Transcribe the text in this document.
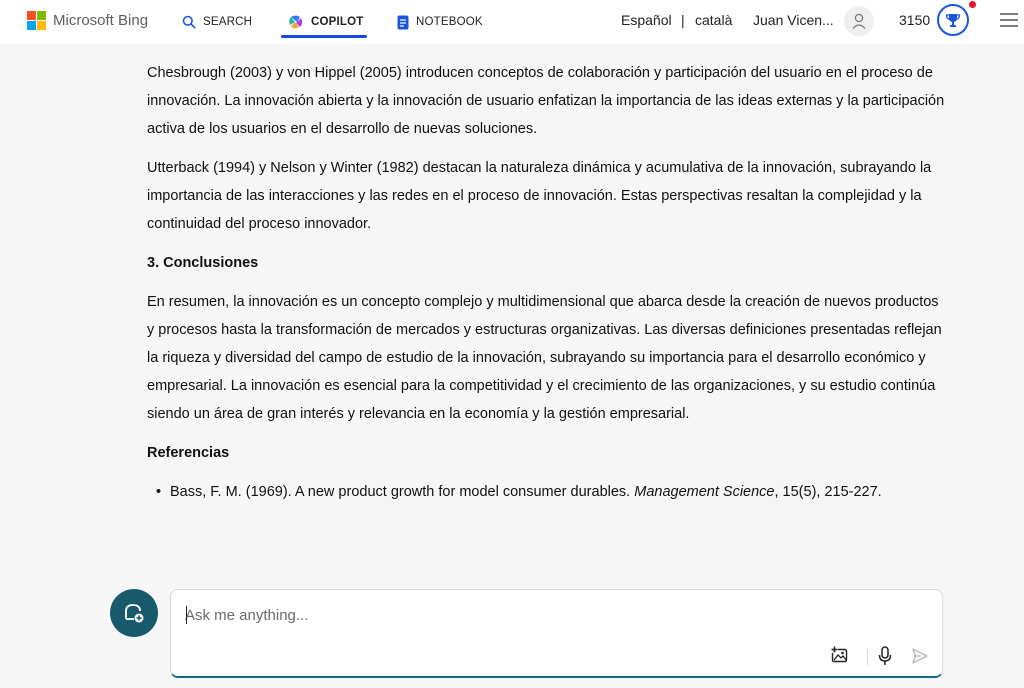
Microsoft Bing	SEARCH	COPILOT	NOTEBOOK	Español | català Juan Vicen...	3150

Chesbrough (2003) y von Hippel (2005) introducen conceptos de colaboración y participación del usuario en el proceso de innovación. La innovación abierta y la innovación de usuario enfatizan la importancia de las ideas externas y la participación activa de los usuarios en el desarrollo de nuevas soluciones.

Utterback (1994) y Nelson y Winter (1982) destacan la naturaleza dinámica y acumulativa de la innovación, subrayando la importancia de las interacciones y las redes en el proceso de innovación. Estas perspectivas resaltan la complejidad y la continuidad del proceso innovador.

3. Conclusiones

En resumen, la innovación es un concepto complejo y multidimensional que abarca desde la creación de nuevos productos y procesos hasta la transformación de mercados y estructuras organizativas. Las diversas definiciones presentadas reflejan la riqueza y diversidad del campo de estudio de la innovación, subrayando su importancia para el desarrollo económico y empresarial. La innovación es esencial para la competitividad y el crecimiento de las organizaciones, y su estudio continúa siendo un área de gran interés y relevancia en la economía y la gestión empresarial.

Referencias
• Bass, F. M. (1969). A new product growth for model consumer durables. Management Science, 15(5), 215-227.
Ask me anything...
